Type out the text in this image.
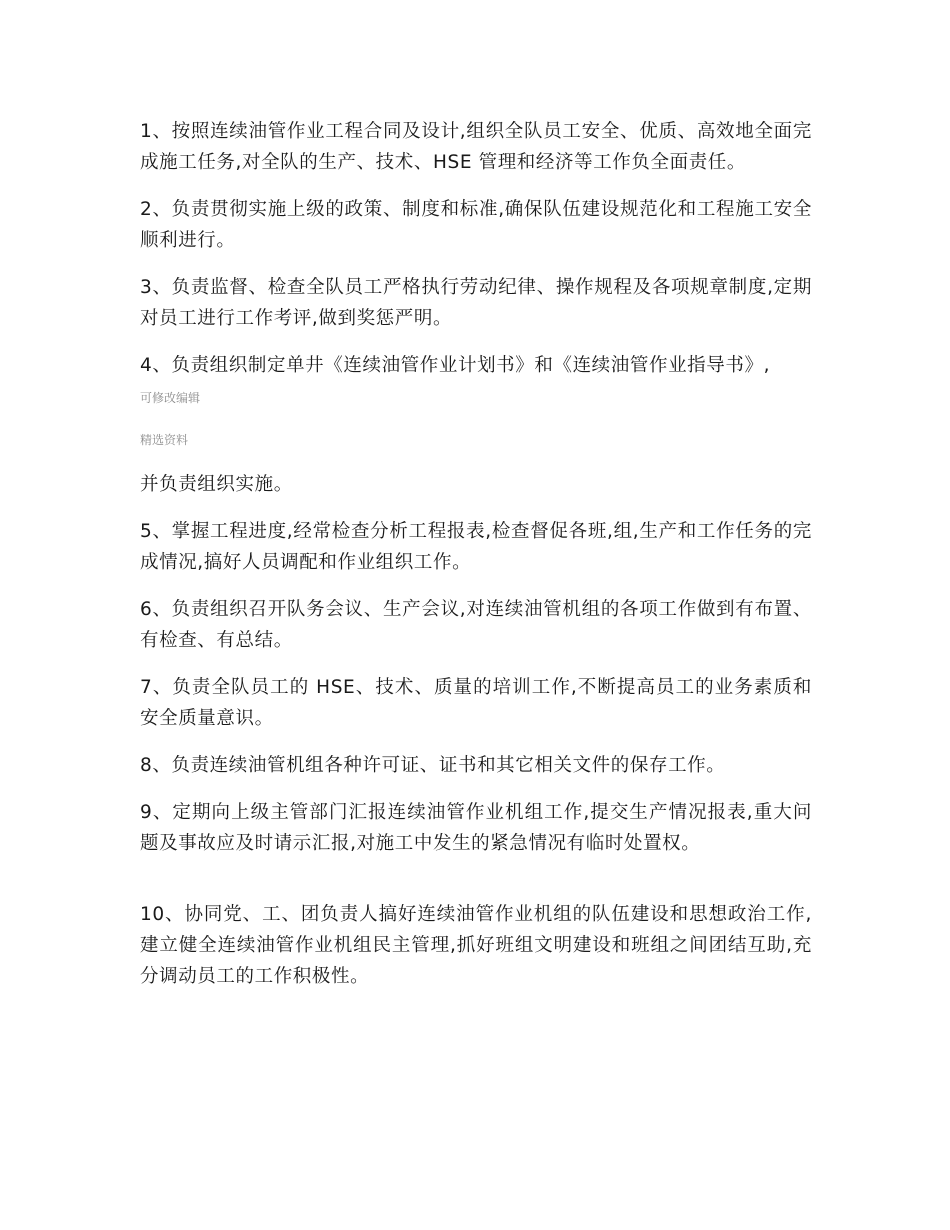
1、按照连续油管作业工程合同及设计,组织全队员工安全、优质、高效地全面完成施工任务,对全队的生产、技术、HSE 管理和经济等工作负全面责任。

2、负责贯彻实施上级的政策、制度和标准,确保队伍建设规范化和工程施工安全顺利进行。

3、负责监督、检查全队员工严格执行劳动纪律、操作规程及各项规章制度,定期对员工进行工作考评,做到奖惩严明。

4、负责组织制定单井《连续油管作业计划书》和《连续油管作业指导书》,

可修改编辑

精选资料

并负责组织实施。

5、掌握工程进度,经常检查分析工程报表,检查督促各班,组,生产和工作任务的完成情况,搞好人员调配和作业组织工作。

6、负责组织召开队务会议、生产会议,对连续油管机组的各项工作做到有布置、有检查、有总结。

7、负责全队员工的 HSE、技术、质量的培训工作,不断提高员工的业务素质和安全质量意识。

8、负责连续油管机组各种许可证、证书和其它相关文件的保存工作。

9、定期向上级主管部门汇报连续油管作业机组工作,提交生产情况报表,重大问题及事故应及时请示汇报,对施工中发生的紧急情况有临时处置权。

10、协同党、工、团负责人搞好连续油管作业机组的队伍建设和思想政治工作,建立健全连续油管作业机组民主管理,抓好班组文明建设和班组之间团结互助,充分调动员工的工作积极性。
